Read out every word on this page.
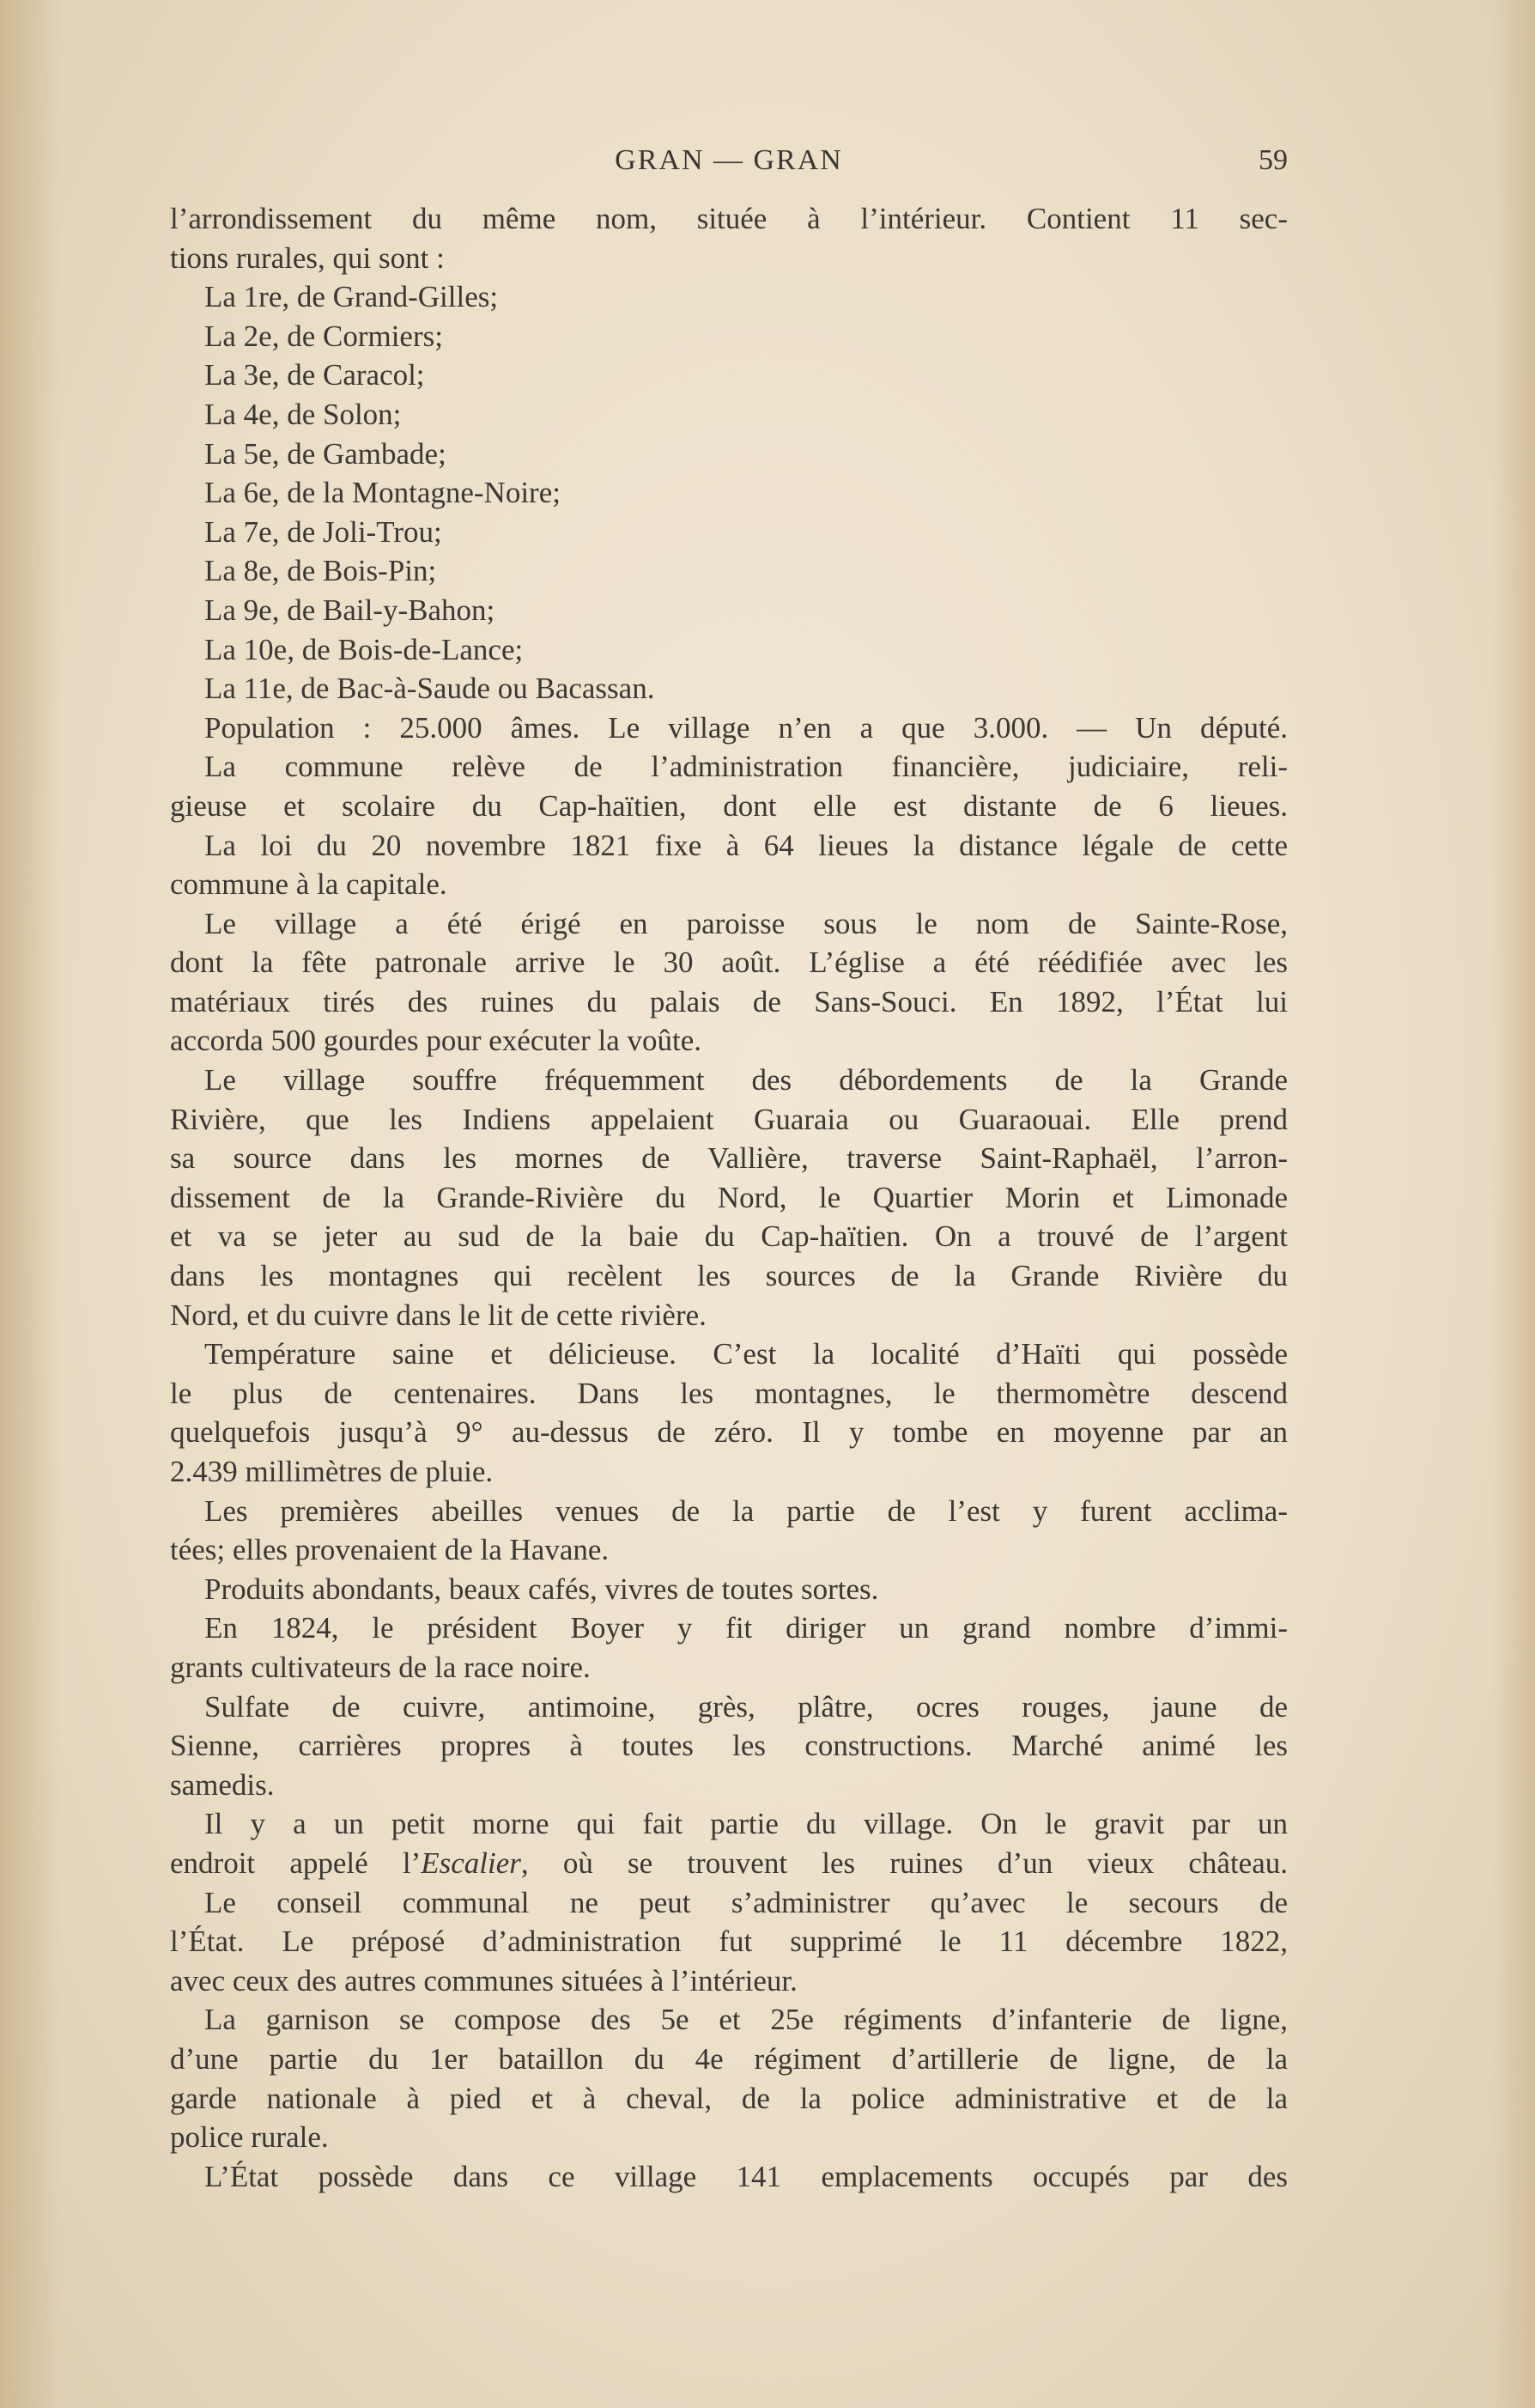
GRAN — GRAN	59
l’arrondissement du même nom, située à l’intérieur. Contient 11 sec-
tions rurales, qui sont :
La 1re, de Grand-Gilles;
La 2e, de Cormiers;
La 3e, de Caracol;
La 4e, de Solon;
La 5e, de Gambade;
La 6e, de la Montagne-Noire;
La 7e, de Joli-Trou;
La 8e, de Bois-Pin;
La 9e, de Bail-y-Bahon;
La 10e, de Bois-de-Lance;
La 11e, de Bac-à-Saude ou Bacassan.
Population : 25.000 âmes. Le village n’en a que 3.000. — Un député.
La commune relève de l’administration financière, judiciaire, reli-
gieuse et scolaire du Cap-haïtien, dont elle est distante de 6 lieues.
La loi du 20 novembre 1821 fixe à 64 lieues la distance légale de cette
commune à la capitale.
Le village a été érigé en paroisse sous le nom de Sainte-Rose,
dont la fête patronale arrive le 30 août. L’église a été réédifiée avec les
matériaux tirés des ruines du palais de Sans-Souci. En 1892, l’État lui
accorda 500 gourdes pour exécuter la voûte.
Le village souffre fréquemment des débordements de la Grande
Rivière, que les Indiens appelaient Guaraia ou Guaraouai. Elle prend
sa source dans les mornes de Vallière, traverse Saint-Raphaël, l’arron-
dissement de la Grande-Rivière du Nord, le Quartier Morin et Limonade
et va se jeter au sud de la baie du Cap-haïtien. On a trouvé de l’argent
dans les montagnes qui recèlent les sources de la Grande Rivière du
Nord, et du cuivre dans le lit de cette rivière.
Température saine et délicieuse. C’est la localité d’Haïti qui possède
le plus de centenaires. Dans les montagnes, le thermomètre descend
quelquefois jusqu’à 9° au-dessus de zéro. Il y tombe en moyenne par an
2.439 millimètres de pluie.
Les premières abeilles venues de la partie de l’est y furent acclima-
tées; elles provenaient de la Havane.
Produits abondants, beaux cafés, vivres de toutes sortes.
En 1824, le président Boyer y fit diriger un grand nombre d’immi-
grants cultivateurs de la race noire.
Sulfate de cuivre, antimoine, grès, plâtre, ocres rouges, jaune de
Sienne, carrières propres à toutes les constructions. Marché animé les
samedis.
Il y a un petit morne qui fait partie du village. On le gravit par un
endroit appelé l’Escalier, où se trouvent les ruines d’un vieux château.
Le conseil communal ne peut s’administrer qu’avec le secours de
l’État. Le préposé d’administration fut supprimé le 11 décembre 1822,
avec ceux des autres communes situées à l’intérieur.
La garnison se compose des 5e et 25e régiments d’infanterie de ligne,
d’une partie du 1er bataillon du 4e régiment d’artillerie de ligne, de la
garde nationale à pied et à cheval, de la police administrative et de la
police rurale.
L’État possède dans ce village 141 emplacements occupés par des
